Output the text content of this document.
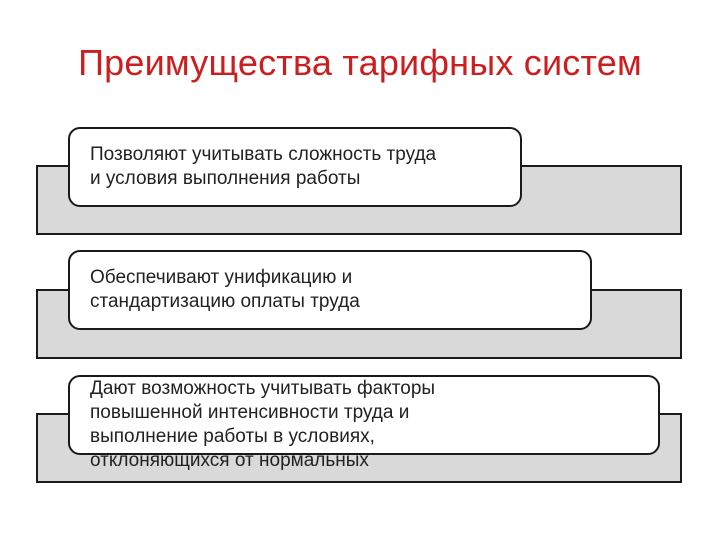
Преимущества тарифных систем
Позволяют учитывать сложность труда
и условия выполнения работы
Обеспечивают унификацию и
стандартизацию оплаты труда
Дают возможность учитывать факторы
повышенной интенсивности труда и
выполнение работы в условиях,
отклоняющихся от нормальных
